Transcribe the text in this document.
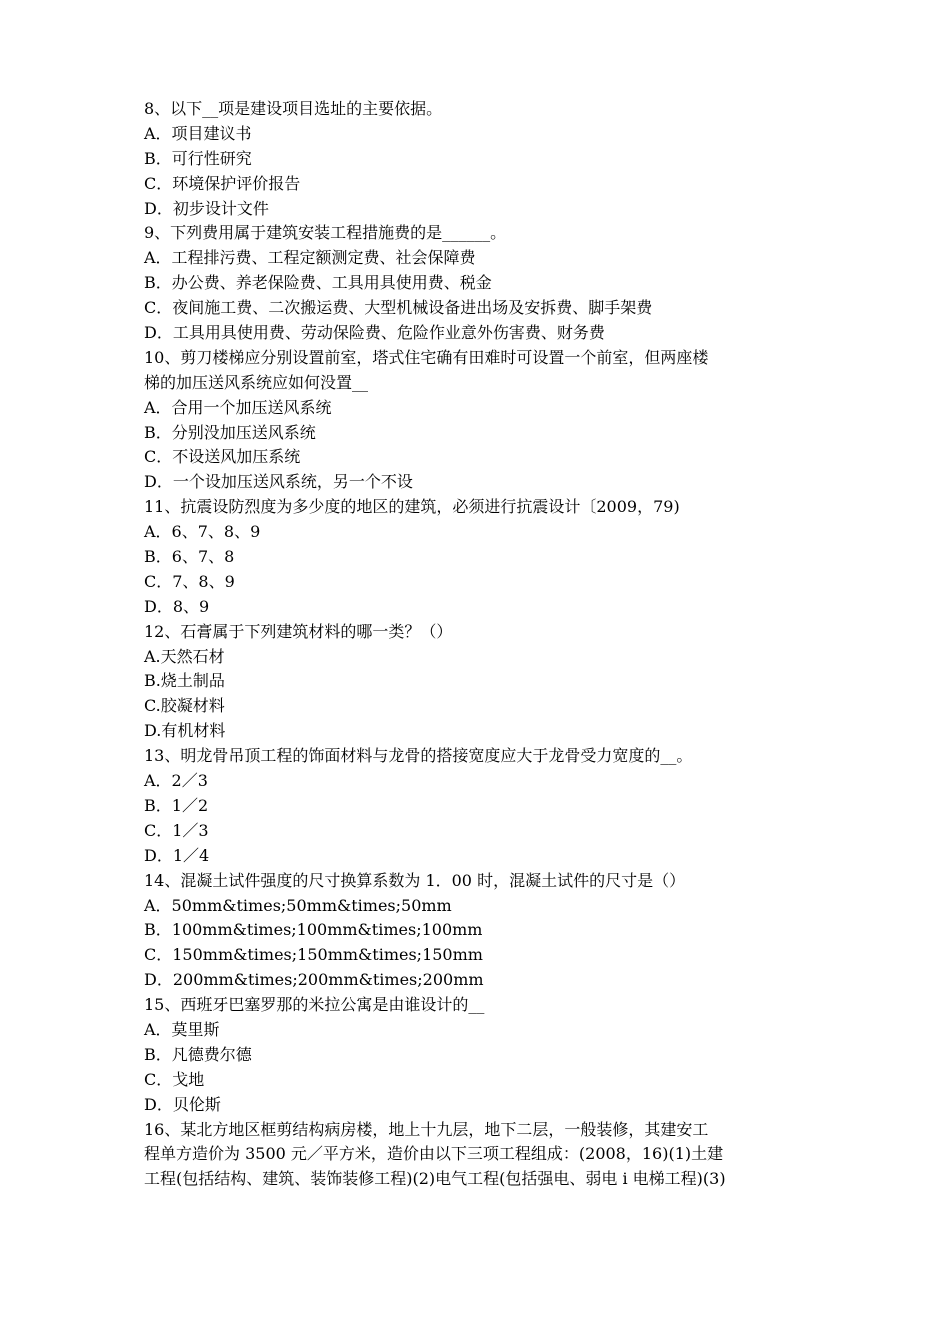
8、以下__项是建设项目选址的主要依据。
A．项目建议书
B．可行性研究
C．环境保护评价报告
D．初步设计文件
9、下列费用属于建筑安装工程措施费的是______。
A．工程排污费、工程定额测定费、社会保障费
B．办公费、养老保险费、工具用具使用费、税金
C．夜间施工费、二次搬运费、大型机械设备进出场及安拆费、脚手架费
D．工具用具使用费、劳动保险费、危险作业意外伤害费、财务费
10、剪刀楼梯应分别设置前室，塔式住宅确有田难时可设置一个前室，但两座楼
梯的加压送风系统应如何没置__
A．合用一个加压送风系统
B．分别没加压送风系统
C．不设送风加压系统
D．一个设加压送风系统，另一个不设
11、抗震设防烈度为多少度的地区的建筑，必须进行抗震设计〔2009，79)
A．6、7、8、9
B．6、7、8
C．7、8、9
D．8、9
12、石膏属于下列建筑材料的哪一类？（）
A.天然石材
B.烧土制品
C.胶凝材料
D.有机材料
13、明龙骨吊顶工程的饰面材料与龙骨的搭接宽度应大于龙骨受力宽度的__。
A．2／3
B．1／2
C．1／3
D．1／4
14、混凝土试件强度的尺寸换算系数为 1．00 时，混凝土试件的尺寸是（）
A．50mm&times;50mm&times;50mm
B．100mm&times;100mm&times;100mm
C．150mm&times;150mm&times;150mm
D．200mm&times;200mm&times;200mm
15、西班牙巴塞罗那的米拉公寓是由谁设计的__
A．莫里斯
B．凡德费尔德
C．戈地
D．贝伦斯
16、某北方地区框剪结构病房楼，地上十九层，地下二层，一般装修，其建安工
程单方造价为 3500 元／平方米，造价由以下三项工程组成：(2008，16)(1)土建
工程(包括结构、建筑、装饰装修工程)(2)电气工程(包括强电、弱电 i 电梯工程)(3)
